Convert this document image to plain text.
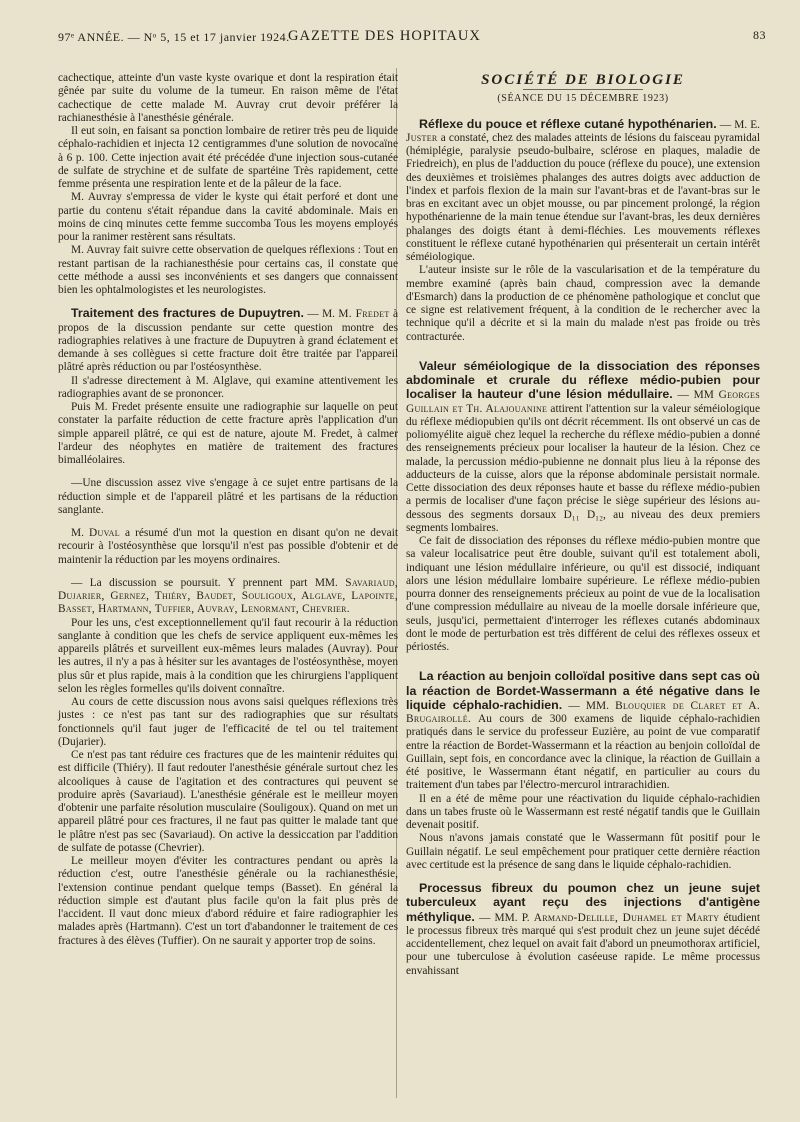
97ᵉ ANNÉE. — Nᵒ 5, 15 et 17 janvier 1924.
GAZETTE DES HOPITAUX	83

cachectique, atteinte d'un vaste kyste ovarique et dont la respiration était gênée par suite du volume de la tumeur. En raison même de l'état cachectique de cette malade M. Auvray crut devoir préférer la rachianesthésie à l'anesthésie générale.

Il eut soin, en faisant sa ponction lombaire de retirer très peu de liquide céphalo-rachidien et injecta 12 centigrammes d'une solution de novocaïne à 6 p. 100. Cette injection avait été précédée d'une injection sous-cutanée de sulfate de strychine et de sulfate de spartéine Très rapidement, cette femme présenta une respiration lente et de la pâleur de la face.

M. Auvray s'empressa de vider le kyste qui était perforé et dont une partie du contenu s'était répandue dans la cavité abdominale. Mais en moins de cinq minutes cette femme succomba Tous les moyens employés pour la ranimer restèrent sans résultats.

M. Auvray fait suivre cette observation de quelques réflexions : Tout en restant partisan de la rachianesthésie pour certains cas, il constate que cette méthode a aussi ses inconvénients et ses dangers que connaissent bien les ophtalmologistes et les neurologistes.

Traitement des fractures de Dupuytren. — M. M. Fredet à propos de la discussion pendante sur cette question montre des radiographies relatives à une fracture de Dupuytren à grand éclatement et demande à ses collègues si cette fracture doit être traitée par l'appareil plâtré après réduction ou par l'ostéosynthèse.

Il s'adresse directement à M. Alglave, qui examine attentivement les radiographies avant de se prononcer.

Puis M. Fredet présente ensuite une radiographie sur laquelle on peut constater la parfaite réduction de cette fracture après l'application d'un simple appareil plâtré, ce qui est de nature, ajoute M. Fredet, à calmer l'ardeur des néophytes en matière de traitement des fractures bimalléolaires.

—Une discussion assez vive s'engage à ce sujet entre partisans de la réduction simple et de l'appareil plâtré et les partisans de la réduction sanglante.

M. Duval a résumé d'un mot la question en disant qu'on ne devait recourir à l'ostéosynthèse que lorsqu'il n'est pas possible d'obtenir et de maintenir la réduction par les moyens ordinaires.

— La discussion se poursuit. Y prennent part MM. Savariaud, Dujarier, Gernez, Thiéry, Baudet, Souligoux, Alglave, Lapointe, Basset, Hartmann, Tuffier, Auvray, Lenormant, Chevrier.

Pour les uns, c'est exceptionnellement qu'il faut recourir à la réduction sanglante à condition que les chefs de service appliquent eux-mêmes les appareils plâtrés et surveillent eux-mêmes leurs malades (Auvray). Pour les autres, il n'y a pas à hésiter sur les avantages de l'ostéosynthèse, moyen plus sûr et plus rapide, mais à la condition que les chirurgiens l'appliquent selon les règles formelles qu'ils doivent connaître.

Au cours de cette discussion nous avons saisi quelques réflexions très justes : ce n'est pas tant sur des radiographies que sur résultats fonctionnels qu'il faut juger de l'efficacité de tel ou tel traitement (Dujarier).

Ce n'est pas tant réduire ces fractures que de les maintenir réduites qui est difficile (Thiéry). Il faut redouter l'anesthésie générale surtout chez les alcooliques à cause de l'agitation et des contractures qui peuvent se produire après (Savariaud). L'anesthésie générale est le meilleur moyen d'obtenir une parfaite résolution musculaire (Souligoux). Quand on met un appareil plâtré pour ces fractures, il ne faut pas quitter le malade tant que le plâtre n'est pas sec (Savariaud). On active la dessiccation par l'addition de sulfate de potasse (Chevrier).

Le meilleur moyen d'éviter les contractures pendant ou après la réduction c'est, outre l'anesthésie générale ou la rachianesthésie, l'extension continue pendant quelque temps (Basset). En général la réduction simple est d'autant plus facile qu'on la fait plus près de l'accident. Il vaut donc mieux d'abord réduire et faire radiographier les malades après (Hartmann). C'est un tort d'abandonner le traitement de ces fractures à des élèves (Tuffier). On ne saurait y apporter trop de soins.

SOCIÉTÉ DE BIOLOGIE

(SÉANCE DU 15 DÉCEMBRE 1923)

Réflexe du pouce et réflexe cutané hypothénarien. — M. E. Juster a constaté, chez des malades atteints de lésions du faisceau pyramidal (hémiplégie, paralysie pseudo-bulbaire, sclérose en plaques, maladie de Friedreich), en plus de l'adduction du pouce (réflexe du pouce), une extension des deuxièmes et troisièmes phalanges des autres doigts avec adduction de l'index et parfois flexion de la main sur l'avant-bras et de l'avant-bras sur le bras en excitant avec un objet mousse, ou par pincement prolongé, la région hypothénarienne de la main tenue étendue sur l'avant-bras, les deux dernières phalanges des doigts étant à demi-fléchies. Les mouvements réflexes constituent le réflexe cutané hypothénarien qui présenterait un certain intérêt séméiologique.

L'auteur insiste sur le rôle de la vascularisation et de la température du membre examiné (après bain chaud, compression avec la demande d'Esmarch) dans la production de ce phénomène pathologique et conclut que ce signe est relativement fréquent, à la condition de le rechercher avec la technique qu'il a décrite et si la main du malade n'est pas froide ou très contracturée.

Valeur séméiologique de la dissociation des réponses abdominale et crurale du réflexe médio-pubien pour localiser la hauteur d'une lésion médullaire. — MM Georges Guillain et Th. Alajouanine attirent l'attention sur la valeur séméiologique du réflexe médiopubien qu'ils ont décrit récemment. Ils ont observé un cas de poliomyélite aiguë chez lequel la recherche du réflexe médio-pubien a donné des renseignements précieux pour localiser la hauteur de la lésion. Chez ce malade, la percussion médio-pubienne ne donnait plus lieu à la réponse des adducteurs de la cuisse, alors que la réponse abdominale persistait normale. Cette dissociation des deux réponses haute et basse du réflexe médio-pubien a permis de localiser d'une façon précise le siège supérieur des lésions au-dessous des segments dorsaux D₁₁ D₁₂, au niveau des deux premiers segments lombaires.

Ce fait de dissociation des réponses du réflexe médio-pubien montre que sa valeur localisatrice peut être double, suivant qu'il est totalement aboli, indiquant une lésion médullaire inférieure, ou qu'il est dissocié, indiquant alors une lésion médullaire lombaire supérieure. Le réflexe médio-pubien pourra donner des renseignements précieux au point de vue de la localisation d'une compression médullaire au niveau de la moelle dorsale inférieure que, seuls, jusqu'ici, permettaient d'interroger les réflexes cutanés abdominaux dont le mode de perturbation est très différent de celui des réflexes osseux et périostés.

La réaction au benjoin colloïdal positive dans sept cas où la réaction de Bordet-Wassermann a été négative dans le liquide céphalo-rachidien. — MM. Blouquier de Claret et A. Brugairollé. Au cours de 300 examens de liquide céphalo-rachidien pratiqués dans le service du professeur Euzière, au point de vue comparatif entre la réaction de Bordet-Wassermann et la réaction au benjoin colloïdal de Guillain, sept fois, en concordance avec la clinique, la réaction de Guillain a été positive, le Wassermann étant négatif, en particulier au cours du traitement d'un tabes par l'électro-mercurol intrarachidien.

Il en a été de même pour une réactivation du liquide céphalo-rachidien dans un tabes fruste où le Wassermann est resté négatif tandis que le Guillain devenait positif.

Nous n'avons jamais constaté que le Wassermann fût positif pour le Guillain négatif. Le seul empêchement pour pratiquer cette dernière réaction avec certitude est la présence de sang dans le liquide céphalo-rachidien.

Processus fibreux du poumon chez un jeune sujet tuberculeux ayant reçu des injections d'antigène méthylique. — MM. P. Armand-Delille, Duhamel et Marty étudient le processus fibreux très marqué qui s'est produit chez un jeune sujet décédé accidentellement, chez lequel on avait fait d'abord un pneumothorax artificiel, pour une tuberculose à évolution caséeuse rapide. Le même processus envahissant
